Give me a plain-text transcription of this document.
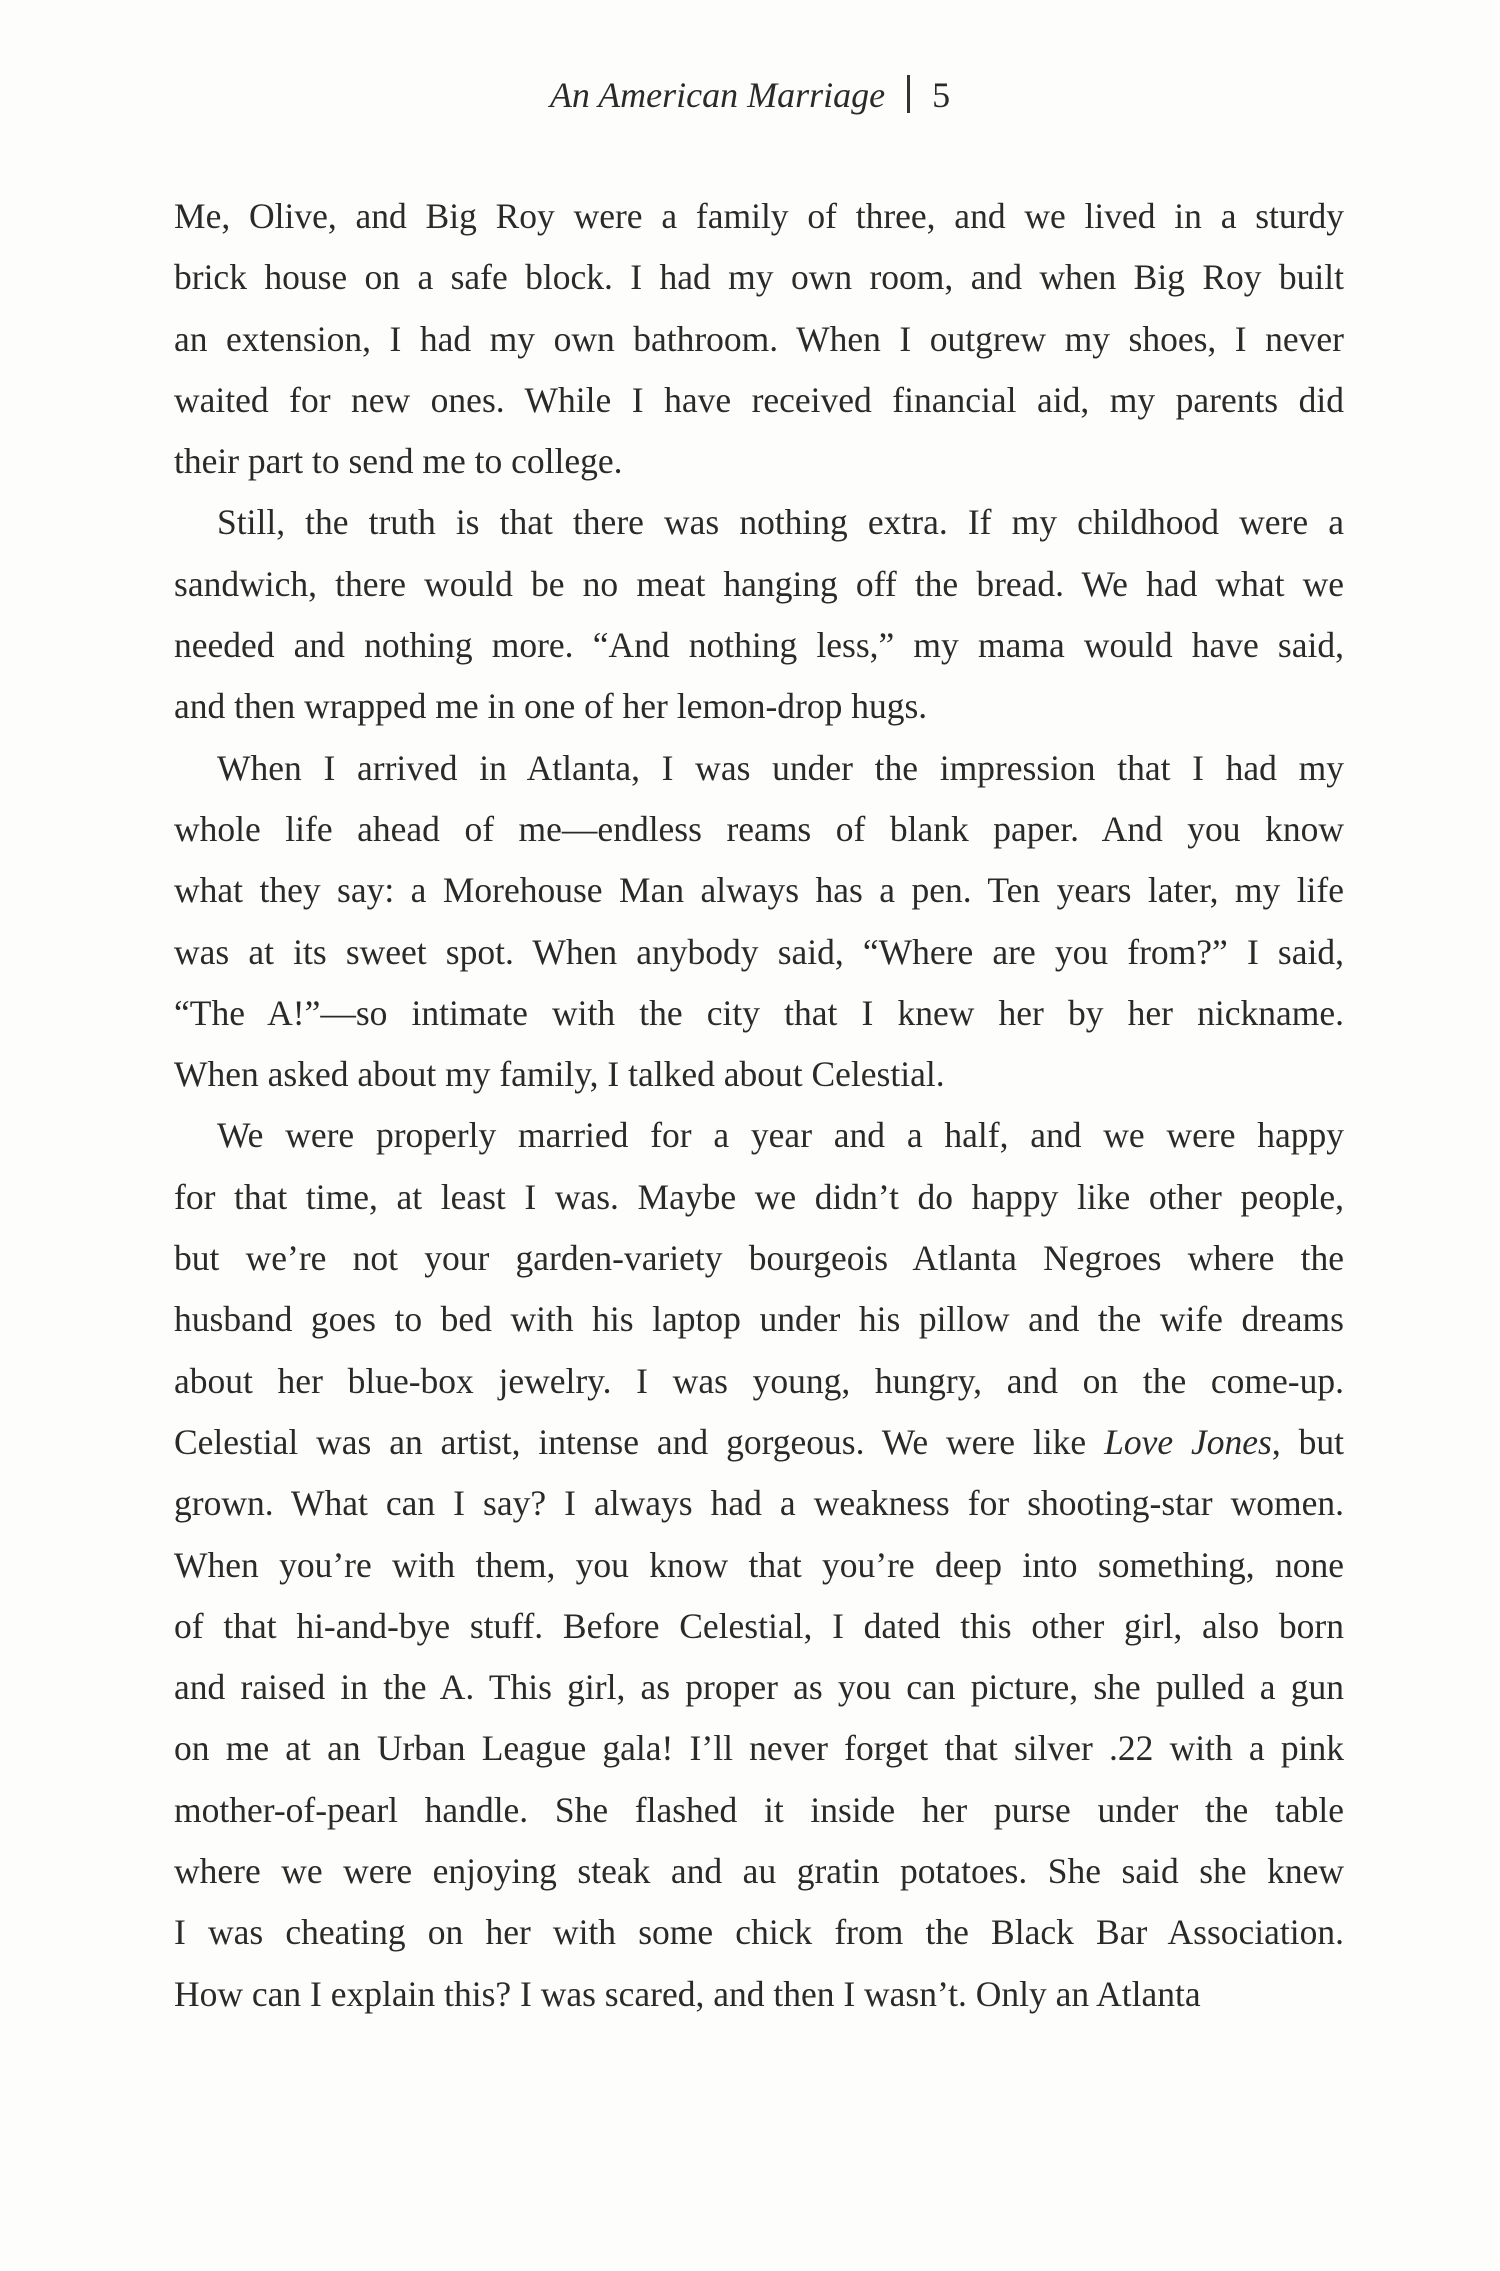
An American Marriage 5
Me, Olive, and Big Roy were a family of three, and we lived in a sturdy
brick house on a safe block. I had my own room, and when Big Roy built
an extension, I had my own bathroom. When I outgrew my shoes, I never
waited for new ones. While I have received financial aid, my parents did
their part to send me to college.
Still, the truth is that there was nothing extra. If my childhood were a
sandwich, there would be no meat hanging off the bread. We had what we
needed and nothing more. “And nothing less,” my mama would have said,
and then wrapped me in one of her lemon-drop hugs.
When I arrived in Atlanta, I was under the impression that I had my
whole life ahead of me—endless reams of blank paper. And you know
what they say: a Morehouse Man always has a pen. Ten years later, my life
was at its sweet spot. When anybody said, “Where are you from?” I said,
“The A!”—so intimate with the city that I knew her by her nickname.
When asked about my family, I talked about Celestial.
We were properly married for a year and a half, and we were happy
for that time, at least I was. Maybe we didn’t do happy like other people,
but we’re not your garden-variety bourgeois Atlanta Negroes where the
husband goes to bed with his laptop under his pillow and the wife dreams
about her blue-box jewelry. I was young, hungry, and on the come-up.
Celestial was an artist, intense and gorgeous. We were like Love Jones, but
grown. What can I say? I always had a weakness for shooting-star women.
When you’re with them, you know that you’re deep into something, none
of that hi-and-bye stuff. Before Celestial, I dated this other girl, also born
and raised in the A. This girl, as proper as you can picture, she pulled a gun
on me at an Urban League gala! I’ll never forget that silver .22 with a pink
mother-of-pearl handle. She flashed it inside her purse under the table
where we were enjoying steak and au gratin potatoes. She said she knew
I was cheating on her with some chick from the Black Bar Association.
How can I explain this? I was scared, and then I wasn’t. Only an Atlanta
